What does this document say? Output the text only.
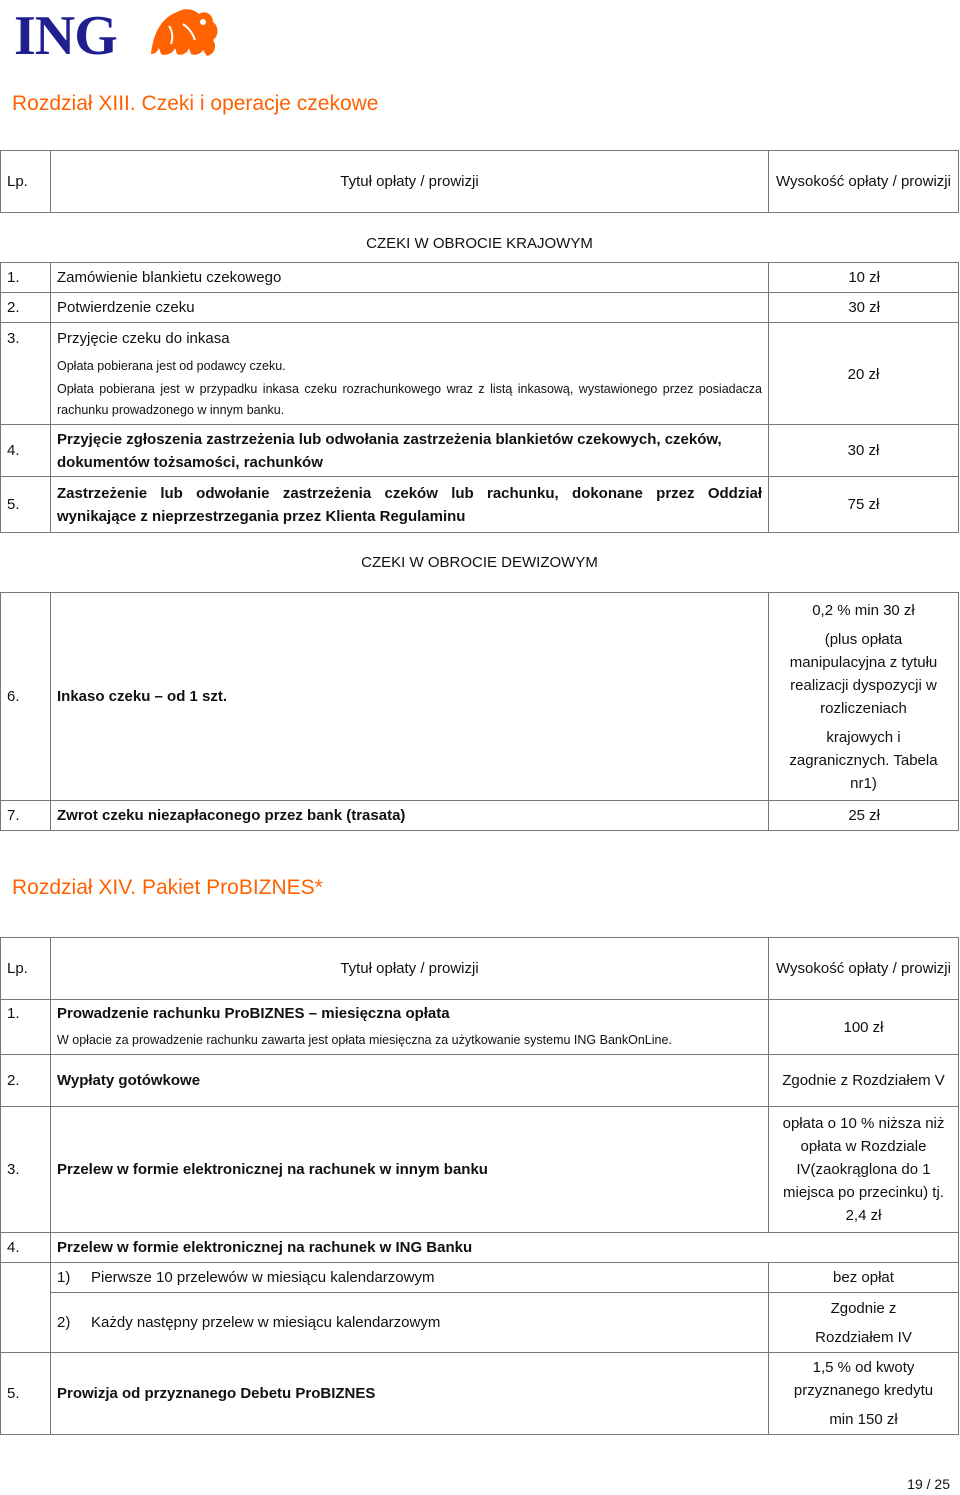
ING
Rozdział XIII. Czeki i operacje czekowe
Lp.	Tytuł opłaty / prowizji	Wysokość opłaty / prowizji
CZEKI W OBROCIE KRAJOWYM		
1.	Zamówienie blankietu czekowego	10 zł
2.	Potwierdzenie czeku	30 zł
3.	Przyjęcie czeku do inkasa
Opłata pobierana jest od podawcy czeku.
Opłata pobierana jest w przypadku inkasa czeku rozrachunkowego wraz z listą inkasową, wystawionego przez posiadacza rachunku prowadzonego w innym banku.	20 zł
4.	Przyjęcie zgłoszenia zastrzeżenia lub odwołania zastrzeżenia blankietów czekowych, czeków, dokumentów tożsamości, rachunków	30 zł
5.	Zastrzeżenie lub odwołanie zastrzeżenia czeków lub rachunku, dokonane przez Oddział wynikające z nieprzestrzegania przez Klienta Regulaminu	75 zł
CZEKI W OBROCIE DEWIZOWYM		
6.	Inkaso czeku – od 1 szt.	0,2 % min 30 zł
(plus opłata manipulacyjna z tytułu realizacji dyspozycji w rozliczeniach
krajowych i zagranicznych. Tabela nr1)

7.	Zwrot czeku niezapłaconego przez bank (trasata)	25 zł
Rozdział XIV. Pakiet ProBIZNES*
Lp.	Tytuł opłaty / prowizji	Wysokość opłaty / prowizji
1.	Prowadzenie rachunku ProBIZNES – miesięczna opłata
W opłacie za prowadzenie rachunku zawarta jest opłata miesięczna za użytkowanie systemu ING BankOnLine.	100 zł
2.	Wypłaty gotówkowe	Zgodnie z Rozdziałem V
3.	Przelew w formie elektronicznej na rachunek w innym banku	opłata o 10 % niższa niż opłata w Rozdziale IV(zaokrąglona do 1 miejsca po przecinku) tj. 2,4 zł
4.	Przelew w formie elektronicznej na rachunek w ING Banku	
	1) Pierwsze 10 przelewów w miesiącu kalendarzowym	bez opłat
	2) Każdy następny przelew w miesiącu kalendarzowym	Zgodnie z
Rozdziałem IV

5.	Prowizja od przyznanego Debetu ProBIZNES	1,5 % od kwoty przyznanego kredytu
min 150 zł
19 / 25
